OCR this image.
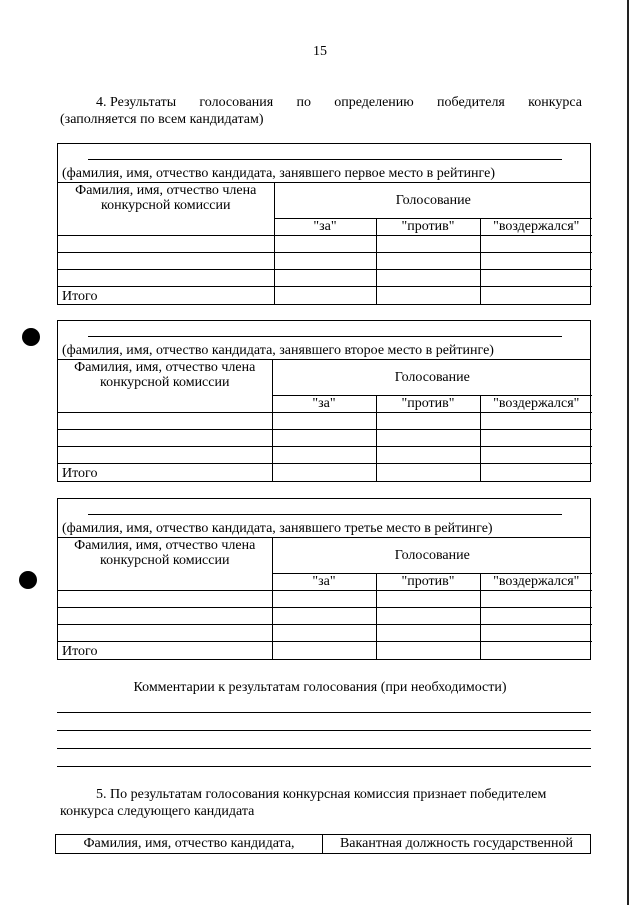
15
4. Результаты голосования по определению победителя конкурса
(заполняется по всем кандидатам)
(фамилия, имя, отчество кандидата, занявшего первое место в рейтинге)
Фамилия, имя, отчество члена конкурсной комиссии	Голосование		
	"за"	"против"	"воздержался"

Итого			
(фамилия, имя, отчество кандидата, занявшего второе место в рейтинге)
Фамилия, имя, отчество члена конкурсной комиссии	Голосование		
	"за"	"против"	"воздержался"

Итого			
(фамилия, имя, отчество кандидата, занявшего третье место в рейтинге)
Фамилия, имя, отчество члена конкурсной комиссии	Голосование		
	"за"	"против"	"воздержался"

Итого			
Комментарии к результатам голосования (при необходимости)
5. По результатам голосования конкурсная комиссия признает победителем
конкурса следующего кандидата
Фамилия, имя, отчество кандидата,	Вакантная должность государственной
